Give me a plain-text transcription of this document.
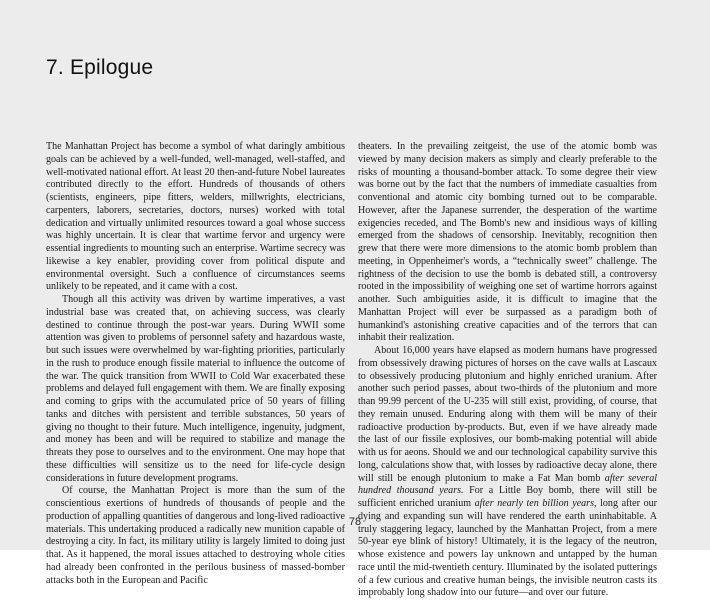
7. Epilogue

The Manhattan Project has become a symbol of what daringly ambitious goals can be achieved by a well-funded, well-managed, well-staffed, and well-motivated national effort. At least 20 then-and-future Nobel laureates contributed directly to the effort. Hundreds of thousands of others (scientists, engineers, pipe fitters, welders, millwrights, electricians, carpenters, laborers, secretaries, doctors, nurses) worked with total dedication and virtually unlimited resources toward a goal whose success was highly uncertain. It is clear that wartime fervor and urgency were essential ingredients to mounting such an enterprise. Wartime secrecy was likewise a key enabler, providing cover from political dispute and environmental oversight. Such a confluence of circumstances seems unlikely to be repeated, and it came with a cost.

Though all this activity was driven by wartime imperatives, a vast industrial base was created that, on achieving success, was clearly destined to continue through the post-war years. During WWII some attention was given to problems of personnel safety and hazardous waste, but such issues were overwhelmed by war-fighting priorities, particularly in the rush to produce enough fissile material to influence the outcome of the war. The quick transition from WWII to Cold War exacerbated these problems and delayed full engagement with them. We are finally exposing and coming to grips with the accumulated price of 50 years of filling tanks and ditches with persistent and terrible substances, 50 years of giving no thought to their future. Much intelligence, ingenuity, judgment, and money has been and will be required to stabilize and manage the threats they pose to ourselves and to the environment. One may hope that these difficulties will sensitize us to the need for life-cycle design considerations in future development programs.

Of course, the Manhattan Project is more than the sum of the conscientious exertions of hundreds of thousands of people and the production of appalling quantities of dangerous and long-lived radioactive materials. This undertaking produced a radically new munition capable of destroying a city. In fact, its military utility is largely limited to doing just that. As it happened, the moral issues attached to destroying whole cities had already been confronted in the perilous business of massed-bomber attacks both in the European and Pacific

theaters. In the prevailing zeitgeist, the use of the atomic bomb was viewed by many decision makers as simply and clearly preferable to the risks of mounting a thousand-bomber attack. To some degree their view was borne out by the fact that the numbers of immediate casualties from conventional and atomic city bombing turned out to be comparable. However, after the Japanese surrender, the desperation of the wartime exigencies receded, and The Bomb's new and insidious ways of killing emerged from the shadows of censorship. Inevitably, recognition then grew that there were more dimensions to the atomic bomb problem than meeting, in Oppenheimer's words, a “technically sweet” challenge. The rightness of the decision to use the bomb is debated still, a controversy rooted in the impossibility of weighing one set of wartime horrors against another. Such ambiguities aside, it is difficult to imagine that the Manhattan Project will ever be surpassed as a paradigm both of humankind's astonishing creative capacities and of the terrors that can inhabit their realization.

About 16,000 years have elapsed as modern humans have progressed from obsessively drawing pictures of horses on the cave walls at Lascaux to obsessively producing plutonium and highly enriched uranium. After another such period passes, about two-thirds of the plutonium and more than 99.99 percent of the U-235 will still exist, providing, of course, that they remain unused. Enduring along with them will be many of their radioactive production by-products. But, even if we have already made the last of our fissile explosives, our bomb-making potential will abide with us for aeons. Should we and our technological capability survive this long, calculations show that, with losses by radioactive decay alone, there will still be enough plutonium to make a Fat Man bomb after several hundred thousand years. For a Little Boy bomb, there will still be sufficient enriched uranium after nearly ten billion years, long after our dying and expanding sun will have rendered the earth uninhabitable. A truly staggering legacy, launched by the Manhattan Project, from a mere 50-year eye blink of history! Ultimately, it is the legacy of the neutron, whose existence and powers lay unknown and untapped by the human race until the mid-twentieth century. Illuminated by the isolated putterings of a few curious and creative human beings, the invisible neutron casts its improbably long shadow into our future—and over our future.

78
